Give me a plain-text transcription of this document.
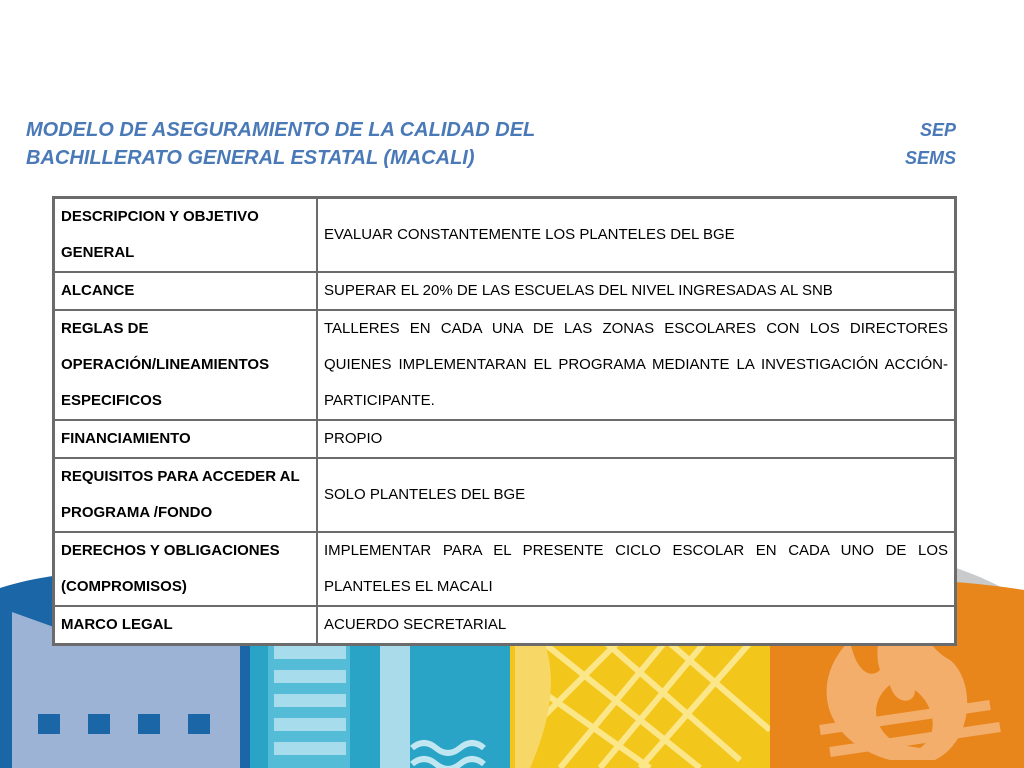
MODELO DE ASEGURAMIENTO DE LA CALIDAD DEL
BACHILLERATO GENERAL ESTATAL (MACALI)
SEP
SEMS
DESCRIPCION Y OBJETIVO GENERAL	EVALUAR CONSTANTEMENTE LOS PLANTELES DEL BGE
ALCANCE	SUPERAR EL 20% DE LAS ESCUELAS DEL NIVEL INGRESADAS AL SNB
REGLAS DE OPERACIÓN/LINEAMIENTOS ESPECIFICOS	TALLERES EN CADA UNA DE LAS ZONAS ESCOLARES CON LOS DIRECTORES QUIENES IMPLEMENTARAN EL PROGRAMA MEDIANTE LA INVESTIGACIÓN ACCIÓN-PARTICIPANTE.
FINANCIAMIENTO	PROPIO
REQUISITOS PARA ACCEDER AL PROGRAMA /FONDO	SOLO PLANTELES DEL BGE
DERECHOS Y OBLIGACIONES (COMPROMISOS)	IMPLEMENTAR PARA EL PRESENTE CICLO ESCOLAR EN CADA UNO DE LOS PLANTELES EL MACALI
MARCO LEGAL	ACUERDO SECRETARIAL
